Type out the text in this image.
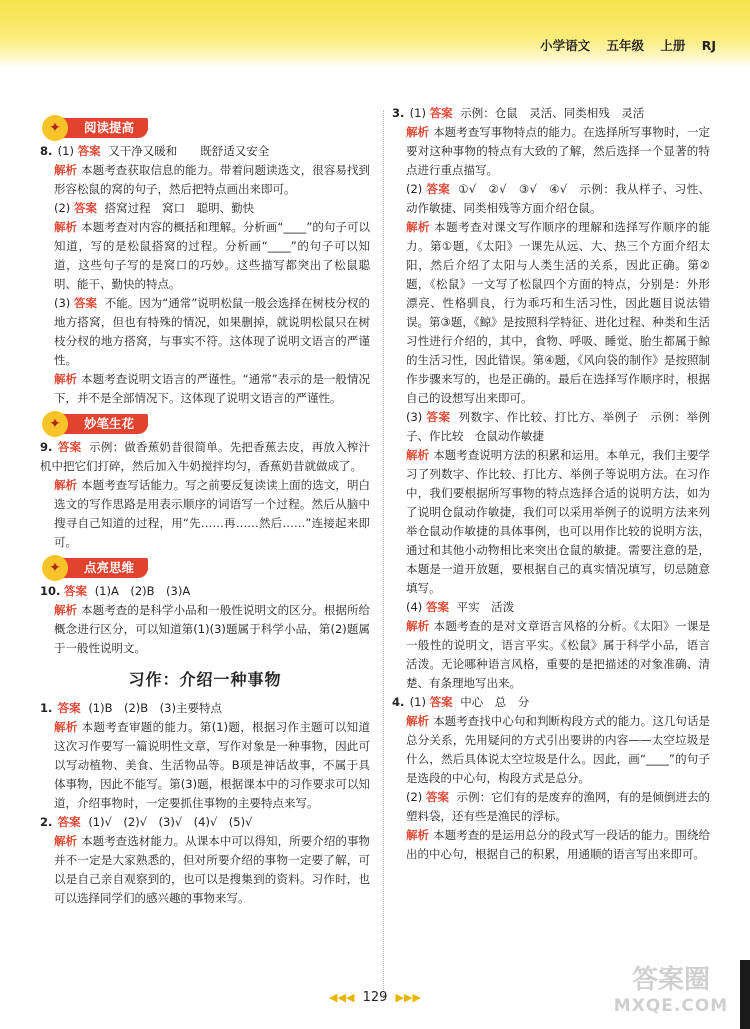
小学语文 五年级 上册 RJ
✦	阅读提高

8. (1) 答案 又干净又暖和　　既舒适又安全

解析 本题考查获取信息的能力。带着问题读选文，很容易找到形容松鼠的窝的句子，然后把特点画出来即可。

(2) 答案 搭窝过程　窝口　聪明、勤快

解析 本题考查对内容的概括和理解。分析画“____”的句子可以知道，写的是松鼠搭窝的过程。分析画“____”的句子可以知道，这些句子写的是窝口的巧妙。这些描写都突出了松鼠聪明、能干、勤快的特点。

(3) 答案 不能。因为“通常”说明松鼠一般会选择在树枝分杈的地方搭窝，但也有特殊的情况，如果删掉，就说明松鼠只在树枝分杈的地方搭窝，与事实不符。这体现了说明文语言的严谨性。

解析 本题考查说明文语言的严谨性。“通常”表示的是一般情况下，并不是全部情况下。这体现了说明文语言的严谨性。

✦	妙笔生花

9. 答案 示例：做香蕉奶昔很简单。先把香蕉去皮，再放入榨汁机中把它们打碎，然后加入牛奶搅拌均匀，香蕉奶昔就做成了。

解析 本题考查写话能力。写之前要反复读读上面的选文，明白选文的写作思路是用表示顺序的词语写一个过程。然后从脑中搜寻自己知道的过程，用“先……再……然后……”连接起来即可。

✦	点亮思维

10. 答案 (1)A　(2)B　(3)A

解析 本题考查的是科学小品和一般性说明文的区分。根据所给概念进行区分，可以知道第(1)(3)题属于科学小品，第(2)题属于一般性说明文。

习作：介绍一种事物

1. 答案 (1)B　(2)B　(3)主要特点

解析 本题考查审题的能力。第(1)题，根据习作主题可以知道这次习作要写一篇说明性文章，写作对象是一种事物，因此可以写动植物、美食、生活物品等。B项是神话故事，不属于具体事物，因此不能写。第(3)题，根据课本中的习作要求可以知道，介绍事物时，一定要抓住事物的主要特点来写。

2. 答案 (1)√　(2)√　(3)√　(4)√　(5)√

解析 本题考查选材能力。从课本中可以得知，所要介绍的事物并不一定是大家熟悉的，但对所要介绍的事物一定要了解，可以是自己亲自观察到的，也可以是搜集到的资料。习作时，也可以选择同学们的感兴趣的事物来写。

3. (1) 答案 示例：仓鼠　灵活、同类相残　灵活

解析 本题考查写事物特点的能力。在选择所写事物时，一定要对这种事物的特点有大致的了解，然后选择一个显著的特点进行重点描写。

(2) 答案 ①√　②√　③√　④√　示例：我从样子、习性、动作敏捷、同类相残等方面介绍仓鼠。

解析 本题考查对课文写作顺序的理解和选择写作顺序的能力。第①题，《太阳》一课先从远、大、热三个方面介绍太阳，然后介绍了太阳与人类生活的关系，因此正确。第②题，《松鼠》一文写了松鼠四个方面的特点，分别是：外形漂亮、性格驯良，行为乖巧和生活习性，因此题目说法错误。第③题，《鲸》是按照科学特征、进化过程、种类和生活习性进行介绍的，其中，食物、呼吸、睡觉、胎生都属于鲸的生活习性，因此错误。第④题，《风向袋的制作》是按照制作步骤来写的，也是正确的。最后在选择写作顺序时，根据自己的设想写出来即可。

(3) 答案 列数字、作比较、打比方、举例子　示例：举例子、作比较　仓鼠动作敏捷

解析 本题考查说明方法的积累和运用。本单元，我们主要学习了列数字、作比较、打比方、举例子等说明方法。在习作中，我们要根据所写事物的特点选择合适的说明方法，如为了说明仓鼠动作敏捷，我们可以采用举例子的说明方法来列举仓鼠动作敏捷的具体事例，也可以用作比较的说明方法，通过和其他小动物相比来突出仓鼠的敏捷。需要注意的是，本题是一道开放题，要根据自己的真实情况填写，切忌随意填写。

(4) 答案 平实　活泼

解析 本题考查的是对文章语言风格的分析。《太阳》一课是一般性的说明文，语言平实。《松鼠》属于科学小品，语言活泼。无论哪种语言风格，重要的是把描述的对象准确、清楚、有条理地写出来。

4. (1) 答案 中心　总　分

解析 本题考查找中心句和判断构段方式的能力。这几句话是总分关系，先用疑问的方式引出要讲的内容——太空垃圾是什么，然后具体说太空垃圾是什么。因此，画“____”的句子是选段的中心句，构段方式是总分。

(2) 答案 示例：它们有的是废弃的渔网，有的是倾倒进去的塑料袋，还有些是渔民的浮标。

解析 本题考查的是运用总分的段式写一段话的能力。围绕给出的中心句，根据自己的积累，用通顺的语言写出来即可。

◀◀◀ 129 ▶▶▶
答案圈
MXQE.COM
